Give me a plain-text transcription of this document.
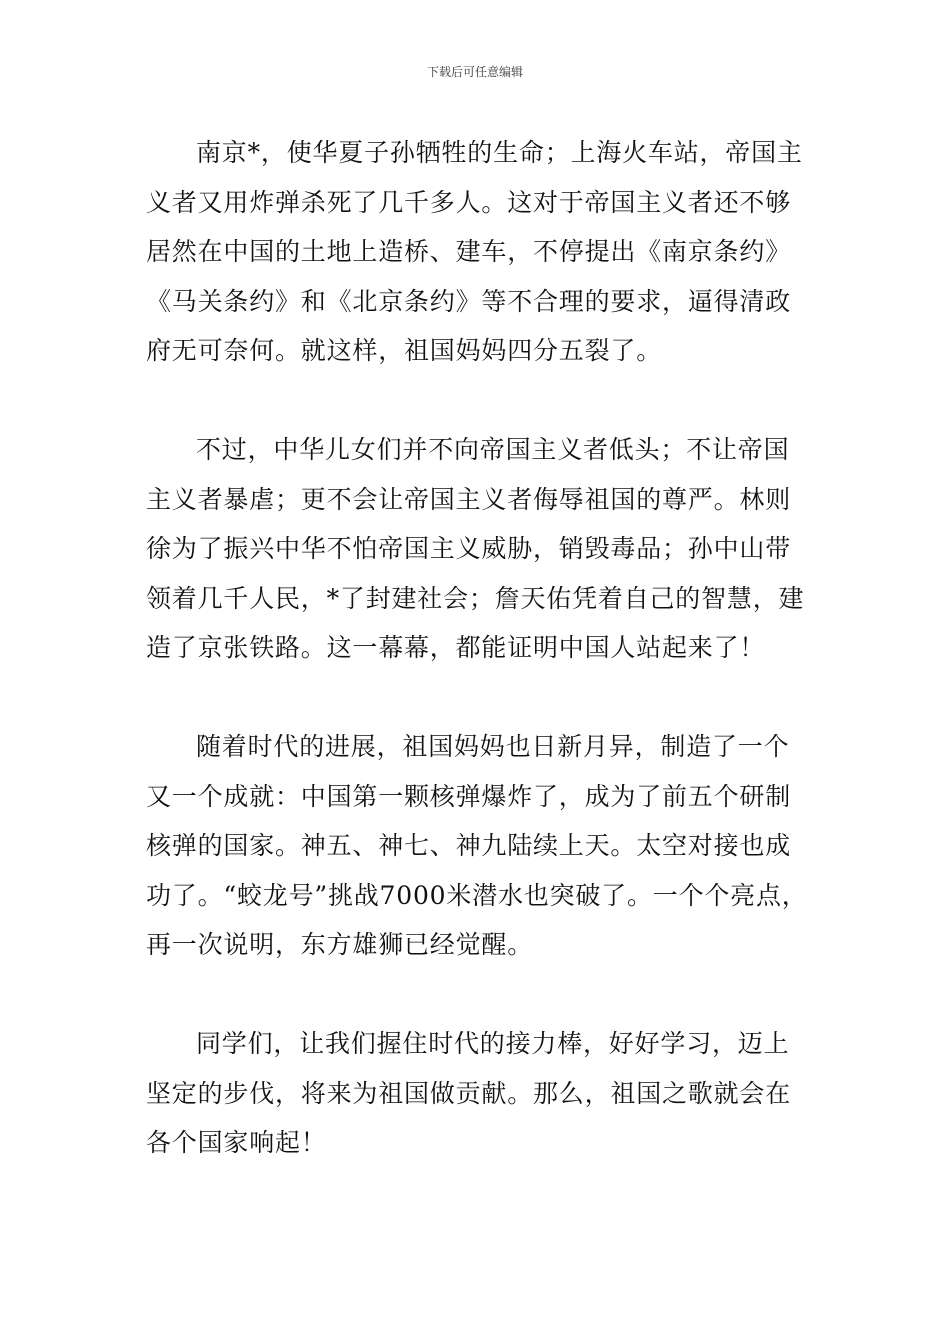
下载后可任意编辑

南京*，使华夏子孙牺牲的生命；上海火车站，帝国主
义者又用炸弹杀死了几千多人。这对于帝国主义者还不够
居然在中国的土地上造桥、建车，不停提出《南京条约》
《马关条约》和《北京条约》等不合理的要求，逼得清政
府无可奈何。就这样，祖国妈妈四分五裂了。

不过，中华儿女们并不向帝国主义者低头；不让帝国
主义者暴虐；更不会让帝国主义者侮辱祖国的尊严。林则
徐为了振兴中华不怕帝国主义威胁，销毁毒品；孙中山带
领着几千人民，*了封建社会；詹天佑凭着自己的智慧，建
造了京张铁路。这一幕幕，都能证明中国人站起来了！

随着时代的进展，祖国妈妈也日新月异，制造了一个
又一个成就：中国第一颗核弹爆炸了，成为了前五个研制
核弹的国家。神五、神七、神九陆续上天。太空对接也成
功了。“蛟龙号”挑战7000米潜水也突破了。一个个亮点，
再一次说明，东方雄狮已经觉醒。

同学们，让我们握住时代的接力棒，好好学习，迈上
坚定的步伐，将来为祖国做贡献。那么，祖国之歌就会在
各个国家响起！
